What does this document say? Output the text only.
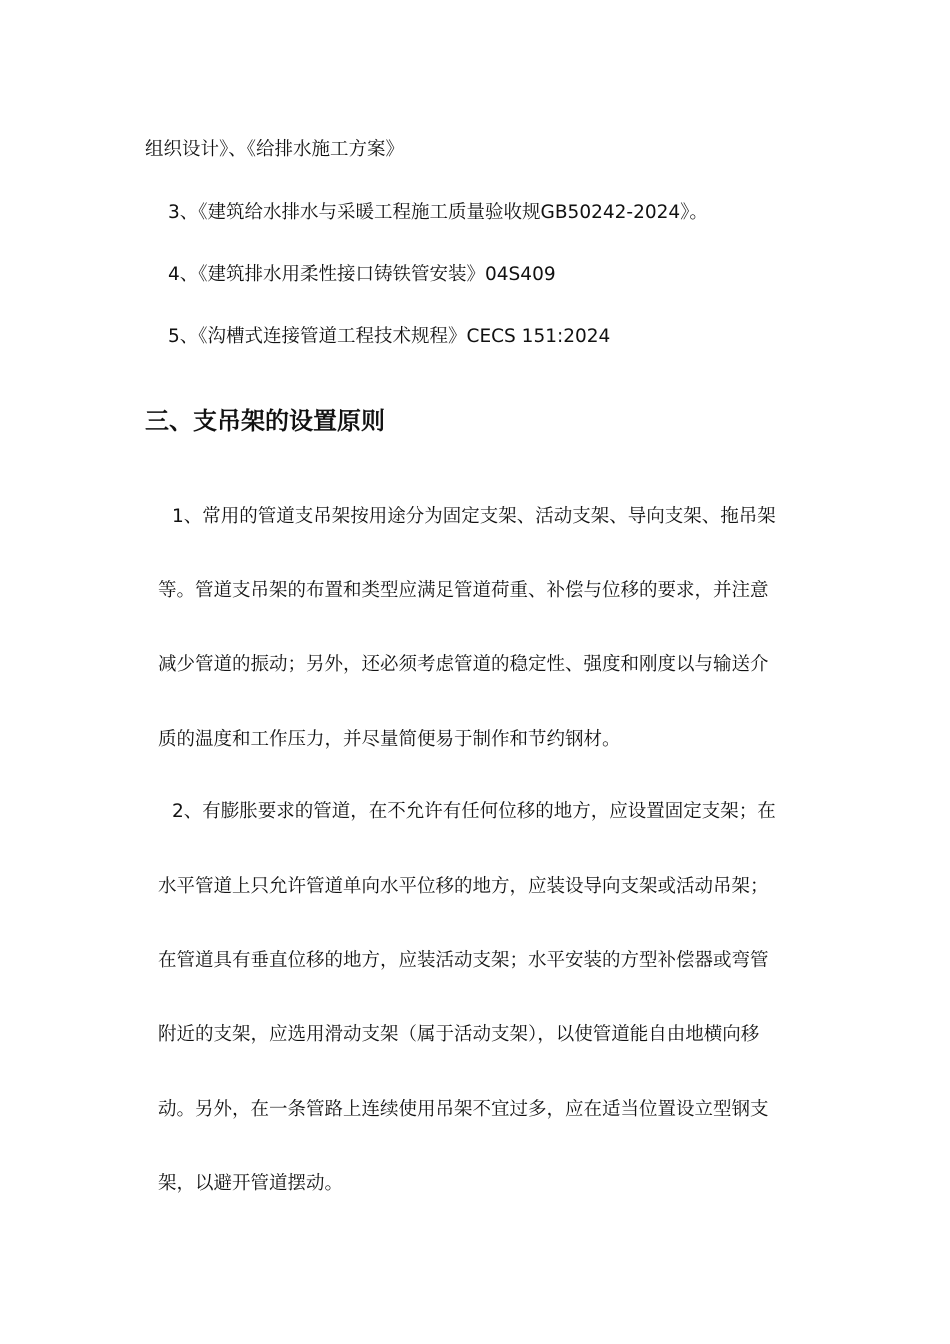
组织设计》、《给排水施工方案》
3、《建筑给水排水与采暖工程施工质量验收规GB50242-2024》。
4、《建筑排水用柔性接口铸铁管安装》04S409
5、《沟槽式连接管道工程技术规程》CECS 151:2024
三、支吊架的设置原则
1、常用的管道支吊架按用途分为固定支架、活动支架、导向支架、拖吊架
等。管道支吊架的布置和类型应满足管道荷重、补偿与位移的要求，并注意
减少管道的振动；另外，还必须考虑管道的稳定性、强度和刚度以与输送介
质的温度和工作压力，并尽量简便易于制作和节约钢材。
2、有膨胀要求的管道，在不允许有任何位移的地方，应设置固定支架；在
水平管道上只允许管道单向水平位移的地方，应装设导向支架或活动吊架；
在管道具有垂直位移的地方，应装活动支架；水平安装的方型补偿器或弯管
附近的支架，应选用滑动支架（属于活动支架），以使管道能自由地横向移
动。另外，在一条管路上连续使用吊架不宜过多，应在适当位置设立型钢支
架，以避开管道摆动。
